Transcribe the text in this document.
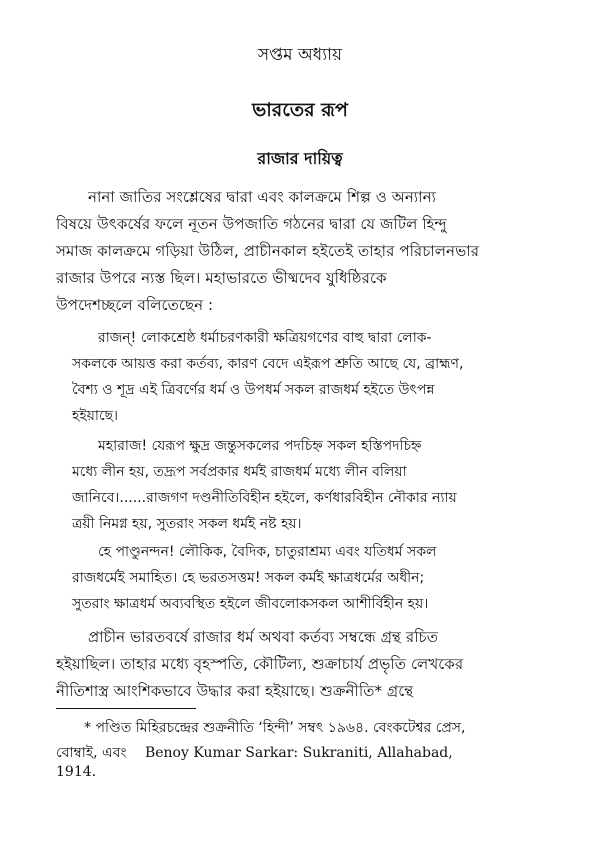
সপ্তম অধ্যায়
ভারতের রূপ
রাজার দায়িত্ব
নানা জাতির সংশ্লেষের দ্বারা এবং কালক্রমে শিল্প ও অন্যান্য
বিষয়ে উৎকর্ষের ফলে নূতন উপজাতি গঠনের দ্বারা যে জটিল হিন্দু
সমাজ কালক্রমে গড়িয়া উঠিল, প্রাচীনকাল হইতেই তাহার পরিচালনভার
রাজার উপরে ন্যস্ত ছিল। মহাভারতে ভীষ্মদেব যুধিষ্ঠিরকে
উপদেশচ্ছলে বলিতেছেন :
রাজন্! লোকশ্রেষ্ঠ ধর্মাচরণকারী ক্ষত্রিয়গণের বাহু দ্বারা লোক-
সকলকে আয়ত্ত করা কর্তব্য, কারণ বেদে এইরূপ শ্রুতি আছে যে, ব্রাহ্মণ,
বৈশ্য ও শূদ্র এই ত্রিবর্ণের ধর্ম ও উপধর্ম সকল রাজধর্ম হইতে উৎপন্ন
হইয়াছে।
মহারাজ! যেরূপ ক্ষুদ্র জন্তুসকলের পদচিহ্ন সকল হস্তিপদচিহ্ন
মধ্যে লীন হয়, তদ্রূপ সর্বপ্রকার ধর্মই রাজধর্ম মধ্যে লীন বলিয়া
জানিবে।......রাজগণ দণ্ডনীতিবিহীন হইলে, কর্ণধারবিহীন নৌকার ন্যায়
ত্রয়ী নিমগ্ন হয়, সুতরাং সকল ধর্মই নষ্ট হয়।
হে পাণ্ডুনন্দন! লৌকিক, বৈদিক, চাতুরাশ্রম্য এবং যতিধর্ম সকল
রাজধর্মেই সমাহিত। হে ভরতসত্তম! সকল কর্মই ক্ষাত্রধর্মের অধীন;
সুতরাং ক্ষাত্রধর্ম অব্যবস্থিত হইলে জীবলোকসকল আশীর্বিহীন হয়।
প্রাচীন ভারতবর্ষে রাজার ধর্ম অথবা কর্তব্য সম্বন্ধে গ্রন্থ রচিত
হইয়াছিল। তাহার মধ্যে বৃহস্পতি, কৌটিল্য, শুক্রাচার্য প্রভৃতি লেখকের
নীতিশাস্ত্র আংশিকভাবে উদ্ধার করা হইয়াছে। শুক্রনীতি* গ্রন্থে
* পণ্ডিত মিহিরচন্দ্রের শুক্রনীতি ‘হিন্দী’ সম্বৎ ১৯৬৪. বেংকটেশ্বর প্রেস,
বোম্বাই, এবং Benoy Kumar Sarkar: Sukraniti, Allahabad,
1914.
